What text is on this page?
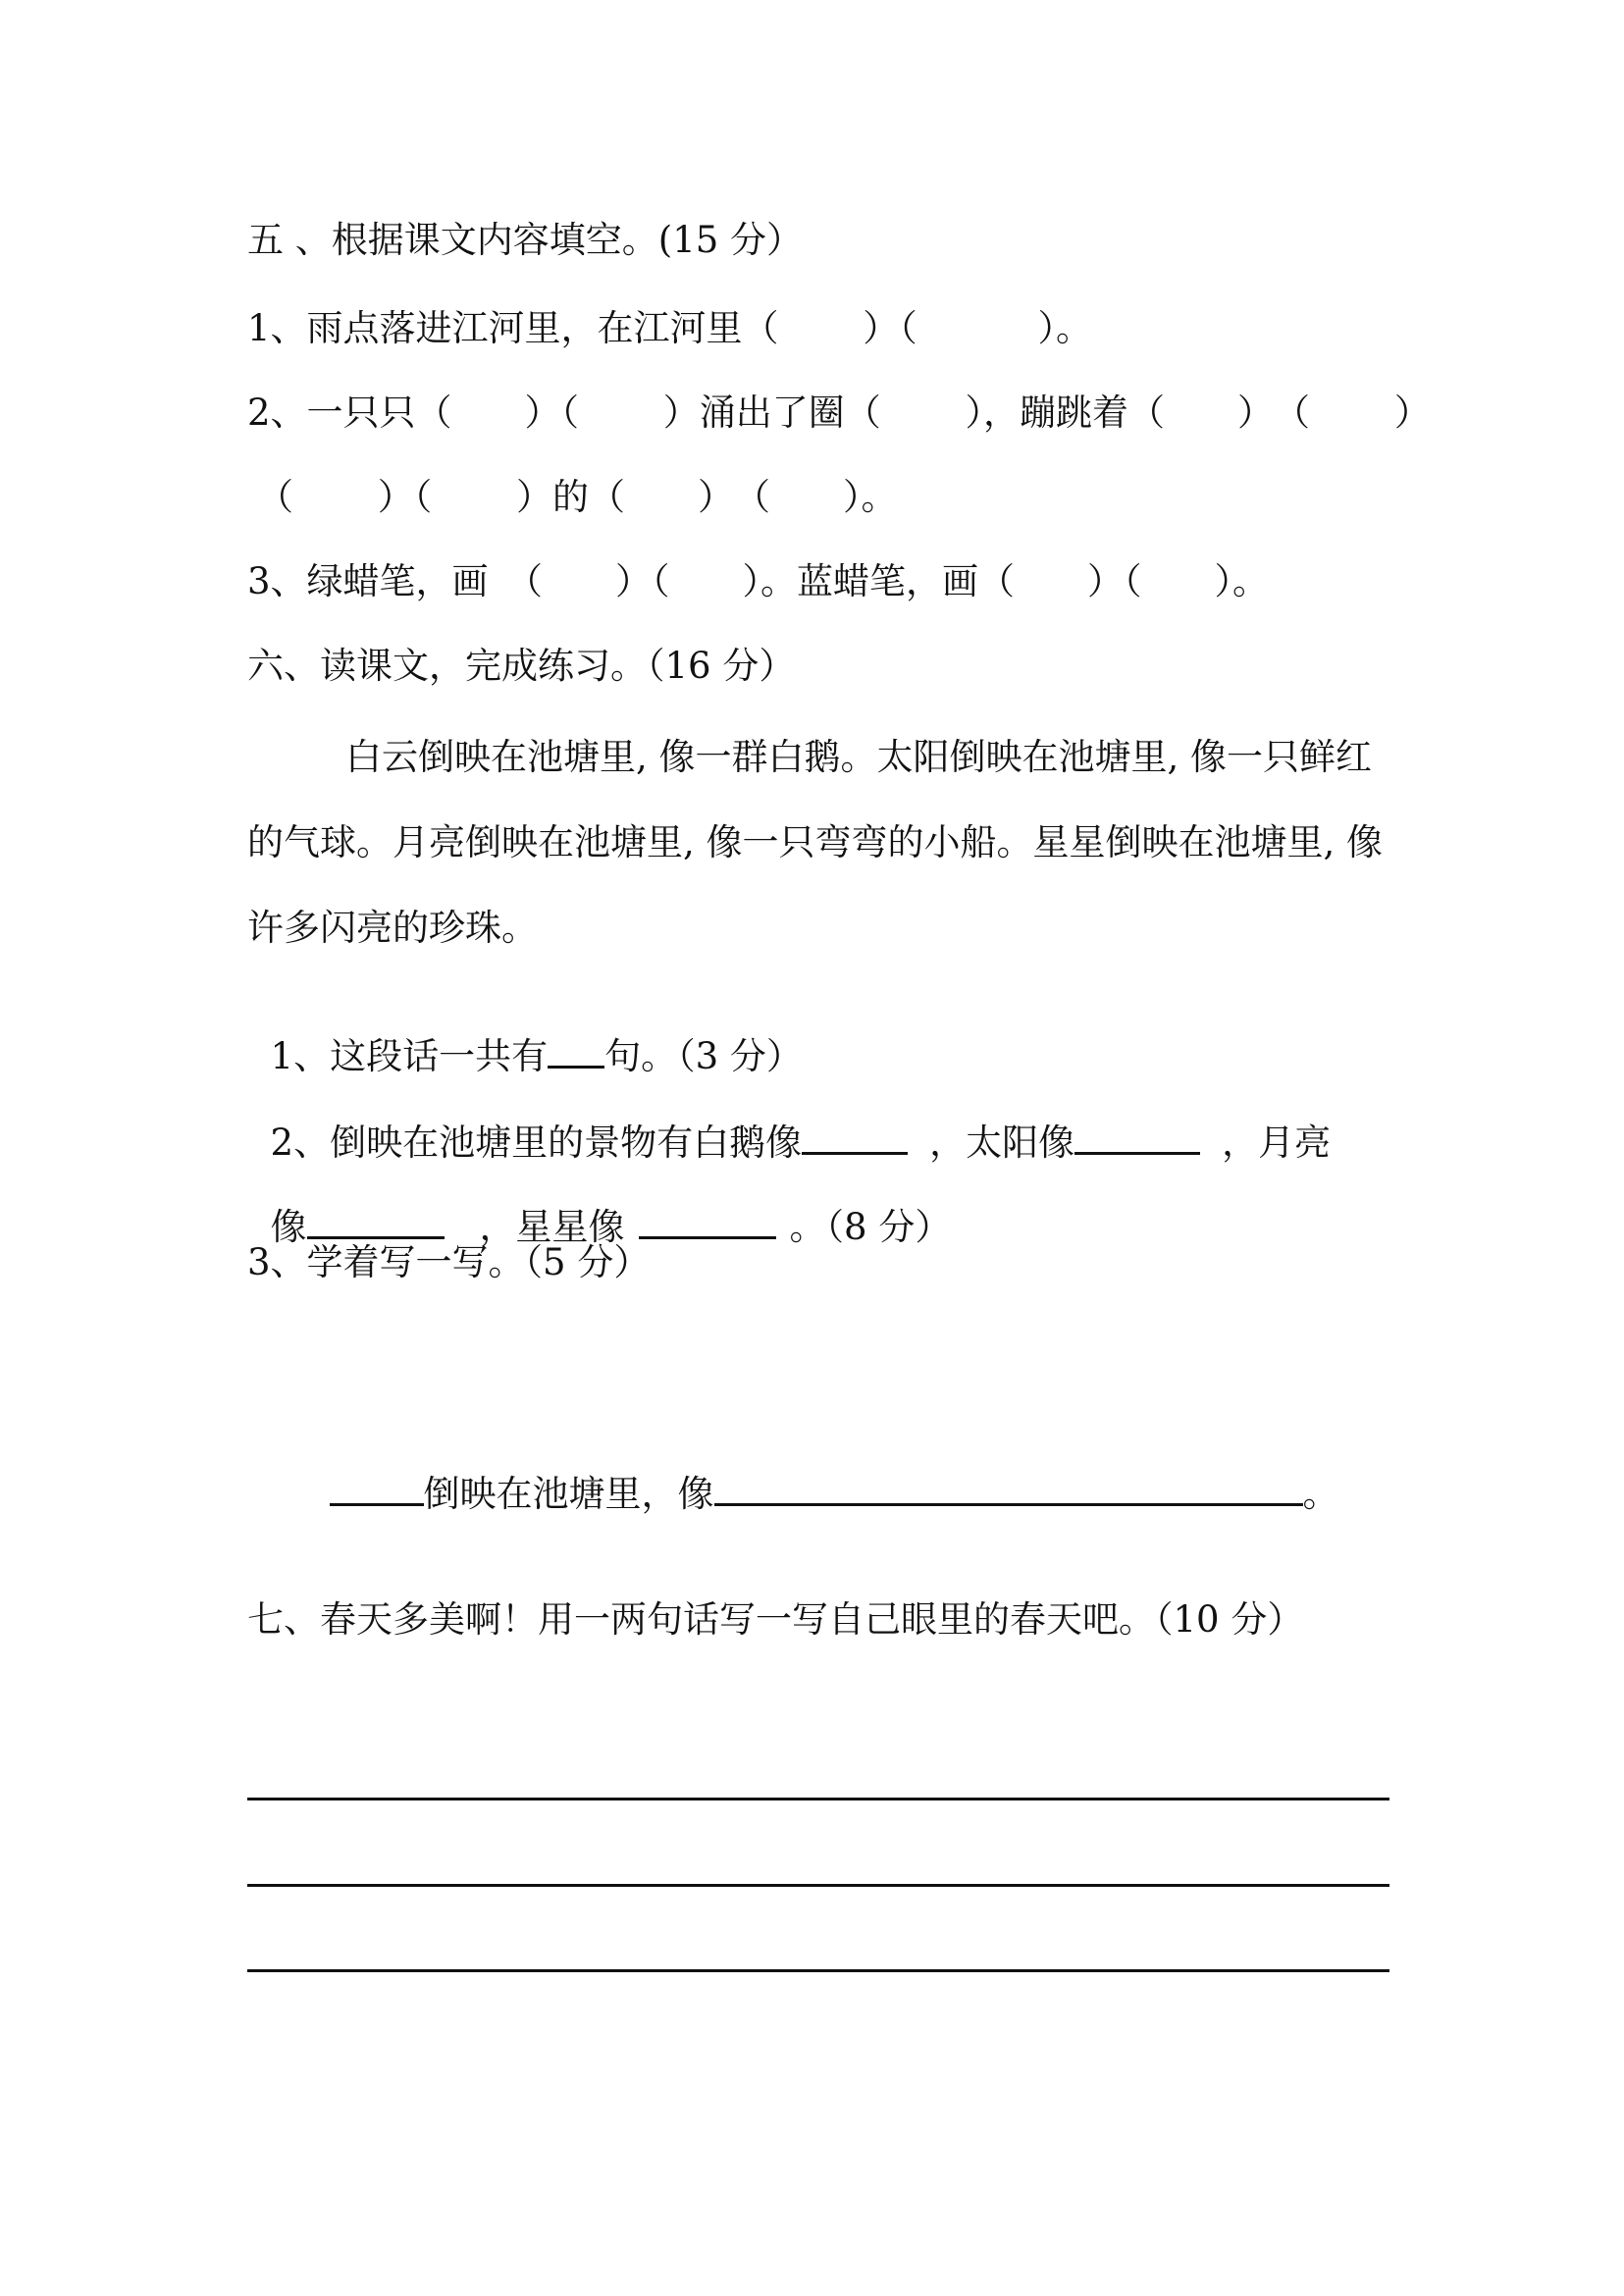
五 、根据课文内容填空。(15 分）
1、雨点落进江河里，在江河里（　　 ）（　　　 ）。
2、一只只（　　）（　　 ）涌出了圈（　　 ），蹦跳着（　　）　（　　 ）
（　　 ）（　　 ）的（　　）　（　　）。
3、绿蜡笔，画　（　　）（　　）。蓝蜡笔，画（　　）（　　）。
六、读课文，完成练习。（16 分）
白云倒映在池塘里, 像一群白鹅。太阳倒映在池塘里, 像一只鲜红的气球。月亮倒映在池塘里, 像一只弯弯的小船。星星倒映在池塘里, 像许多闪亮的珍珠。

1、这段话一共有 句。（3 分）

2、倒映在池塘里的景物有白鹅像	，太阳像	，月亮

像	，星星像	。（8 分）

3、学着写一写。（5 分）

倒映在池塘里，像	。

七、春天多美啊！用一两句话写一写自己眼里的春天吧。（10 分）
